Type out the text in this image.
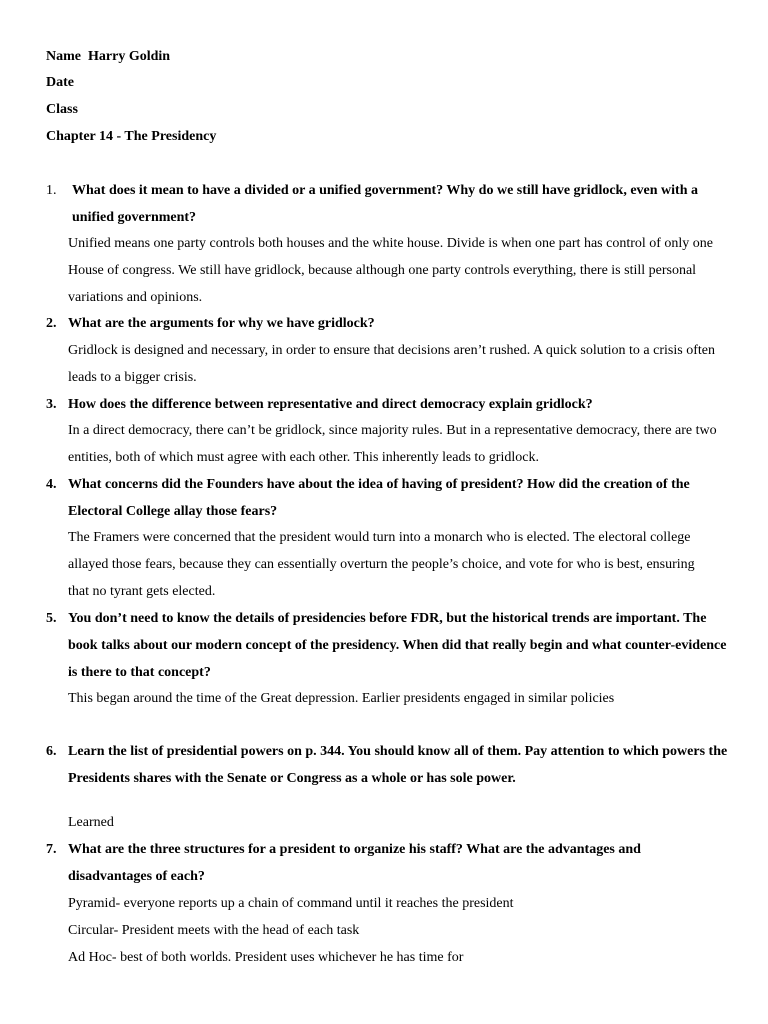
Name Harry Goldin
Date
Class
Chapter 14 - The Presidency
1. What does it mean to have a divided or a unified government? Why do we still have gridlock, even with a unified government?
Unified means one party controls both houses and the white house. Divide is when one part has control of only one House of congress. We still have gridlock, because although one party controls everything, there is still personal variations and opinions.
2. What are the arguments for why we have gridlock?
Gridlock is designed and necessary, in order to ensure that decisions aren’t rushed. A quick solution to a crisis often leads to a bigger crisis.
3. How does the difference between representative and direct democracy explain gridlock?
In a direct democracy, there can’t be gridlock, since majority rules. But in a representative democracy, there are two entities, both of which must agree with each other. This inherently leads to gridlock.
4. What concerns did the Founders have about the idea of having of president? How did the creation of the Electoral College allay those fears?
The Framers were concerned that the president would turn into a monarch who is elected. The electoral college allayed those fears, because they can essentially overturn the people’s choice, and vote for who is best, ensuring that no tyrant gets elected.
5. You don’t need to know the details of presidencies before FDR, but the historical trends are important. The book talks about our modern concept of the presidency. When did that really begin and what counter-evidence is there to that concept?
This began around the time of the Great depression. Earlier presidents engaged in similar policies
6. Learn the list of presidential powers on p. 344. You should know all of them. Pay attention to which powers the Presidents shares with the Senate or Congress as a whole or has sole power.
Learned
7. What are the three structures for a president to organize his staff? What are the advantages and disadvantages of each?
Pyramid- everyone reports up a chain of command until it reaches the president
Circular- President meets with the head of each task
Ad Hoc- best of both worlds. President uses whichever he has time for
